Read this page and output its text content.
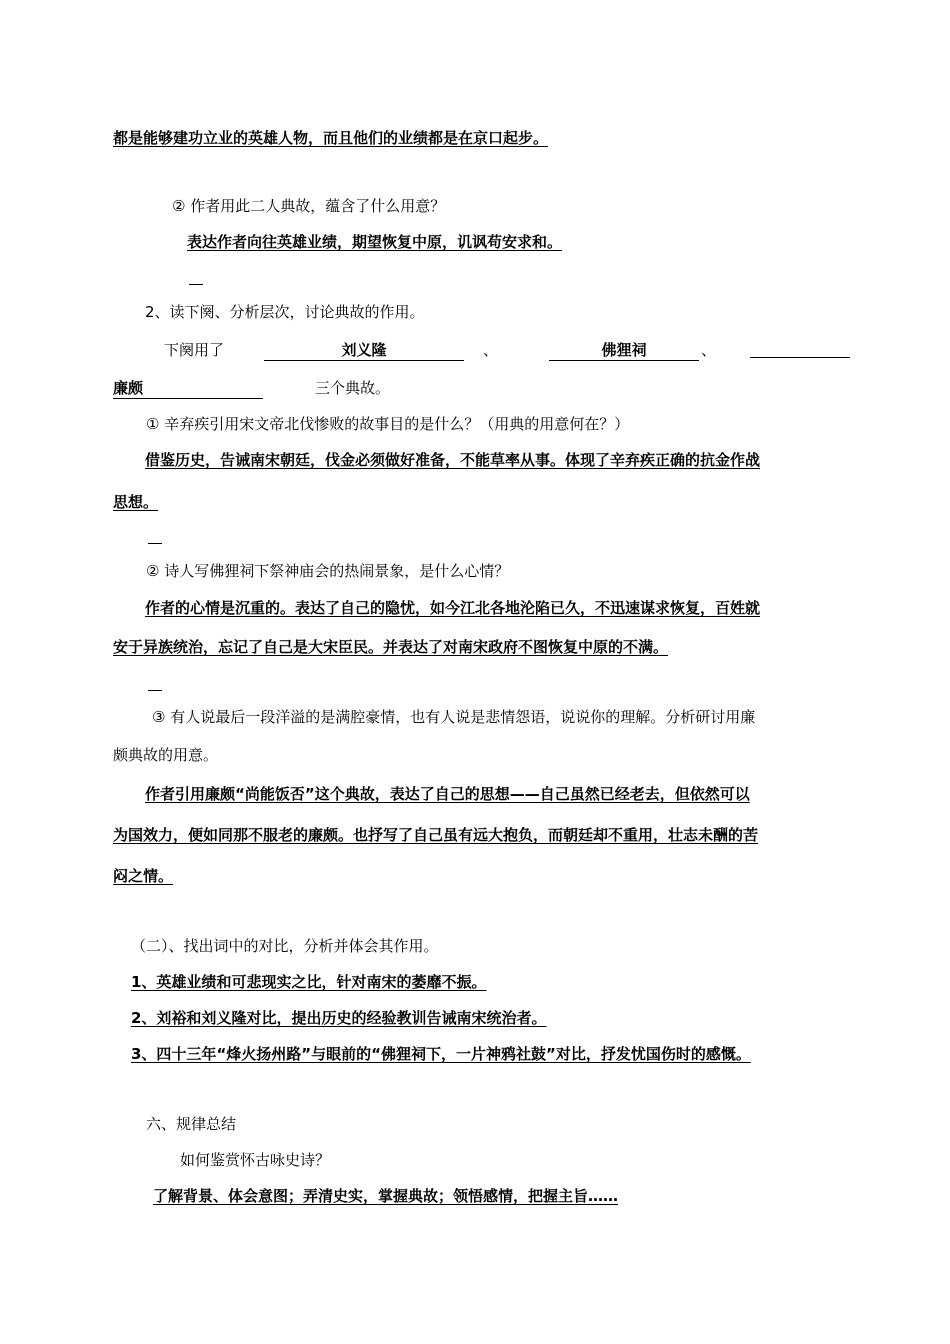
都是能够建功立业的英雄人物，而且他们的业绩都是在京口起步。
② 作者用此二人典故，蕴含了什么用意？
表达作者向往英雄业绩，期望恢复中原，讥讽苟安求和。
2、读下阕、分析层次，讨论典故的作用。
下阕用了	刘义隆	、	佛狸祠	、
廉颇	三个典故。
① 辛弃疾引用宋文帝北伐惨败的故事目的是什么？（用典的用意何在？）
借鉴历史，告诫南宋朝廷，伐金必须做好准备，不能草率从事。体现了辛弃疾正确的抗金作战
思想。
② 诗人写佛狸祠下祭神庙会的热闹景象，是什么心情？
作者的心情是沉重的。表达了自己的隐忧，如今江北各地沦陷已久，不迅速谋求恢复，百姓就
安于异族统治，忘记了自己是大宋臣民。并表达了对南宋政府不图恢复中原的不满。
③ 有人说最后一段洋溢的是满腔豪情，也有人说是悲情怨语，说说你的理解。分析研讨用廉
颇典故的用意。
作者引用廉颇“尚能饭否”这个典故，表达了自己的思想——自己虽然已经老去，但依然可以
为国效力，便如同那不服老的廉颇。也抒写了自己虽有远大抱负，而朝廷却不重用，壮志未酬的苦
闷之情。
（二）、找出词中的对比，分析并体会其作用。
1、英雄业绩和可悲现实之比，针对南宋的萎靡不振。
2、刘裕和刘义隆对比，提出历史的经验教训告诫南宋统治者。
3、四十三年“烽火扬州路”与眼前的“佛狸祠下，一片神鸦社鼓”对比，抒发忧国伤时的感慨。
六、规律总结
如何鉴赏怀古咏史诗？
了解背景、体会意图；弄清史实，掌握典故；领悟感情，把握主旨……
